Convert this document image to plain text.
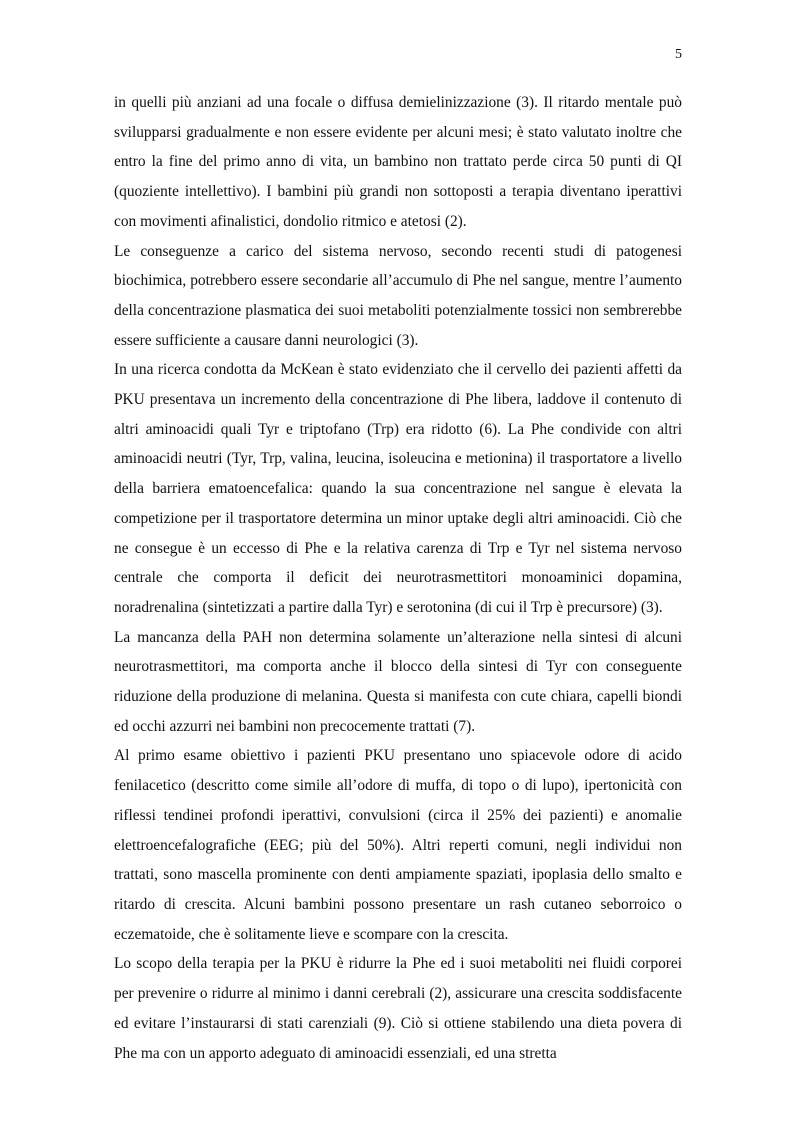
5

in quelli più anziani ad una focale o diffusa demielinizzazione (3). Il ritardo mentale può svilupparsi gradualmente e non essere evidente per alcuni mesi; è stato valutato inoltre che entro la fine del primo anno di vita, un bambino non trattato perde circa 50 punti di QI (quoziente intellettivo). I bambini più grandi non sottoposti a terapia diventano iperattivi con movimenti afinalistici, dondolio ritmico e atetosi (2).

Le conseguenze a carico del sistema nervoso, secondo recenti studi di patogenesi biochimica, potrebbero essere secondarie all’accumulo di Phe nel sangue, mentre l’aumento della concentrazione plasmatica dei suoi metaboliti potenzialmente tossici non sembrerebbe essere sufficiente a causare danni neurologici (3).

In una ricerca condotta da McKean è stato evidenziato che il cervello dei pazienti affetti da PKU presentava un incremento della concentrazione di Phe libera, laddove il contenuto di altri aminoacidi quali Tyr e triptofano (Trp) era ridotto (6). La Phe condivide con altri aminoacidi neutri (Tyr, Trp, valina, leucina, isoleucina e metionina) il trasportatore a livello della barriera ematoencefalica: quando la sua concentrazione nel sangue è elevata la competizione per il trasportatore determina un minor uptake degli altri aminoacidi. Ciò che ne consegue è un eccesso di Phe e la relativa carenza di Trp e Tyr nel sistema nervoso centrale che comporta il deficit dei neurotrasmettitori monoaminici dopamina, noradrenalina (sintetizzati a partire dalla Tyr) e serotonina (di cui il Trp è precursore) (3).

La mancanza della PAH non determina solamente un’alterazione nella sintesi di alcuni neurotrasmettitori, ma comporta anche il blocco della sintesi di Tyr con conseguente riduzione della produzione di melanina. Questa si manifesta con cute chiara, capelli biondi ed occhi azzurri nei bambini non precocemente trattati (7).

Al primo esame obiettivo i pazienti PKU presentano uno spiacevole odore di acido fenilacetico (descritto come simile all’odore di muffa, di topo o di lupo), ipertonicità con riflessi tendinei profondi iperattivi, convulsioni (circa il 25% dei pazienti) e anomalie elettroencefalografiche (EEG; più del 50%). Altri reperti comuni, negli individui non trattati, sono mascella prominente con denti ampiamente spaziati, ipoplasia dello smalto e ritardo di crescita. Alcuni bambini possono presentare un rash cutaneo seborroico o eczematoide, che è solitamente lieve e scompare con la crescita.

Lo scopo della terapia per la PKU è ridurre la Phe ed i suoi metaboliti nei fluidi corporei per prevenire o ridurre al minimo i danni cerebrali (2), assicurare una crescita soddisfacente ed evitare l’instaurarsi di stati carenziali (9). Ciò si ottiene stabilendo una dieta povera di Phe ma con un apporto adeguato di aminoacidi essenziali, ed una stretta
